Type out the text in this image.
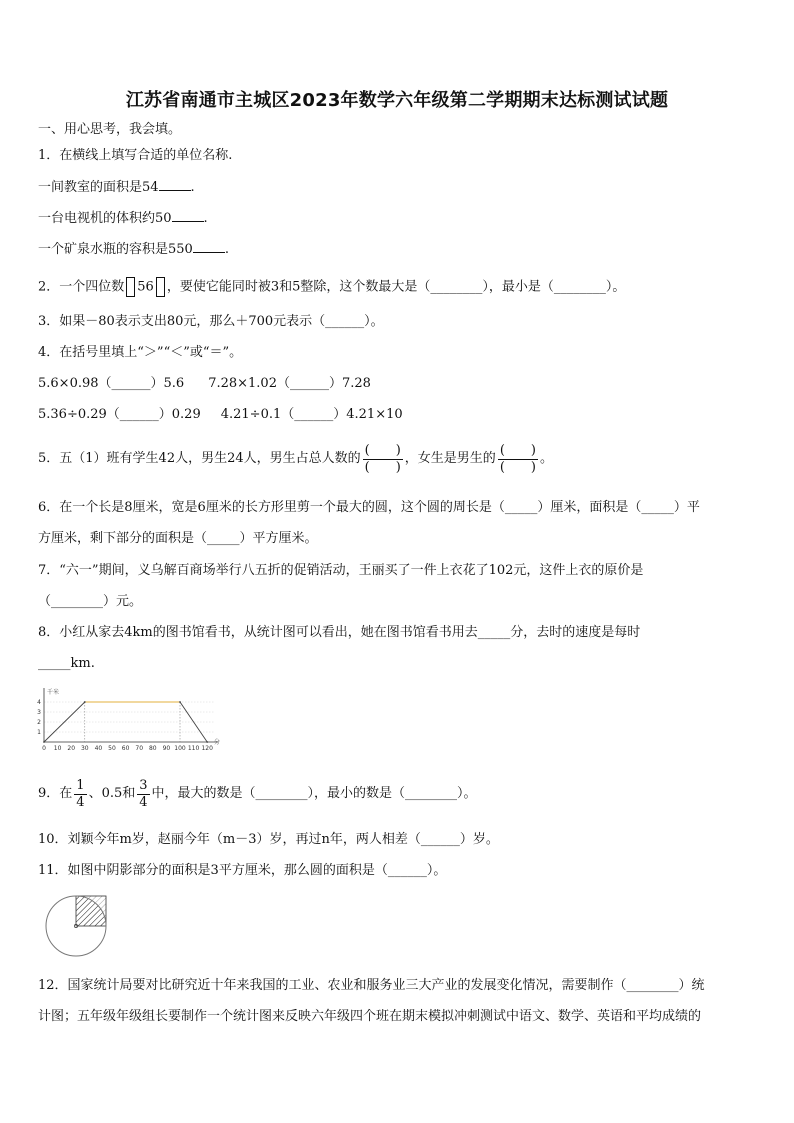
江苏省南通市主城区2023年数学六年级第二学期期末达标测试试题
一、用心思考，我会填。
1．在横线上填写合适的单位名称.
一间教室的面积是54 .
一台电视机的体积约50 .
一个矿泉水瓶的容积是550 .
2．一个四位数 56 ，要使它能同时被3和5整除，这个数最大是（________），最小是（________）。
3．如果－80表示支出80元，那么＋700元表示（______）。
4．在括号里填上“＞”“＜”或“＝”。
5.6×0.98（______）5.6 7.28×1.02（______）7.28
5.36÷0.29（______）0.29 4.21÷0.1（______）4.21×10
5．五（1）班有学生42人，男生24人，男生占总人数的 $\frac{( )}{( )}$ ，女生是男生的 $\frac{( )}{( )}$ 。
6．在一个长是8厘米，宽是6厘米的长方形里剪一个最大的圆，这个圆的周长是（_____）厘米，面积是（_____）平
方厘米，剩下部分的面积是（_____）平方厘米。
7．“六一”期间，义乌解百商场举行八五折的促销活动，王丽买了一件上衣花了102元，这件上衣的原价是
（________）元。
8．小红从家去4km的图书馆看书，从统计图可以看出，她在图书馆看书用去_____分，去时的速度是每时
_____km.
0 10 20 30 40 50 60 70 80 90 100 110 120
1
2
3
4
千米
分
9．在 $\frac{1}{4}$ 、0.5和 $\frac{3}{4}$ 中，最大的数是（________），最小的数是（________）。
10．刘颖今年m岁，赵丽今年（m－3）岁，再过n年，两人相差（______）岁。
11．如图中阴影部分的面积是3平方厘米，那么圆的面积是（______）。
12．国家统计局要对比研究近十年来我国的工业、农业和服务业三大产业的发展变化情况，需要制作（________）统
计图；五年级年级组长要制作一个统计图来反映六年级四个班在期末模拟冲刺测试中语文、数学、英语和平均成绩的
